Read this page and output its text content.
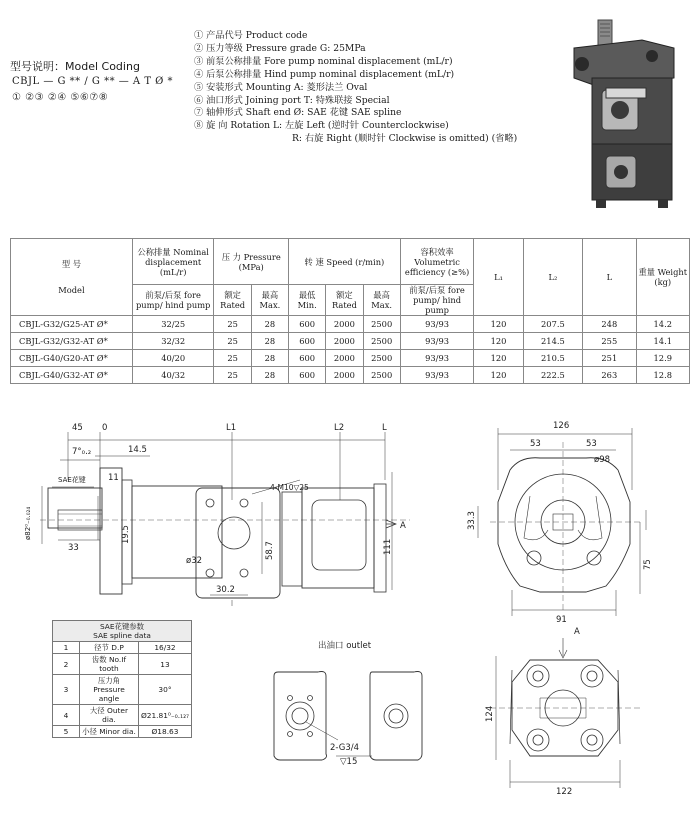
型号说明：Model Coding
CBJL — G ** / G ** — A T Ø *
① ②③ ②④ ⑤⑥⑦⑧
① 产品代号 Product code
② 压力等级 Pressure grade G: 25MPa
③ 前泵公称排量 Fore pump nominal displacement (mL/r)
④ 后泵公称排量 Hind pump nominal displacement (mL/r)
⑤ 安装形式 Mounting A: 菱形法兰 Oval
⑥ 油口形式 Joining port T: 特殊联接 Special
⑦ 轴伸形式 Shaft end Ø: SAE 花键 SAE spline
⑧ 旋 向 Rotation L: 左旋 Left (逆时针 Counterclockwise)
R: 右旋 Right (顺时针 Clockwise is omitted) (省略)
型 号
Model	公称排量 Nominal displacement (mL/r)	压 力 Pressure (MPa)		转 速 Speed (r/min)			容积效率 Volumetric efficiency (≥%)	L₁	L₂	L	重量 Weight (kg)
	前泵/后泵 fore pump/ hind pump	额定 Rated	最高 Max.	最低 Min.	额定 Rated	最高 Max.	前泵/后泵 fore pump/ hind pump				
CBJL-G32/G25-AT Ø*	32/25	25	28	600	2000	2500	93/93	120	207.5	248	14.2
CBJL-G32/G32-AT Ø*	32/32	25	28	600	2000	2500	93/93	120	214.5	255	14.1
CBJL-G40/G20-AT Ø*	40/20	25	28	600	2000	2500	93/93	120	210.5	251	12.9
CBJL-G40/G32-AT Ø*	40/32	25	28	600	2000	2500	93/93	120	222.5	263	12.8
45 0	L1	L2	L
14.5
7°₀.₂
SAE花键	11
19.5
33
ø82⁰₋₀.₀₂₄
4-M10▽25
58.7
ø32
30.2
A
111
126
53	53
ø98
33.3
75
91
出油口 outlet
2-G3/4
▽15
A
124
122
SAE花键参数
SAE spline data		

1	径节 D.P	16/32
2	齿数 No.If tooth	13
3	压力角 Pressure angle	30°
4	大径 Outer dia.	Ø21.81⁰₋₀.₁₂₇
5	小径 Minor dia.	Ø18.63
